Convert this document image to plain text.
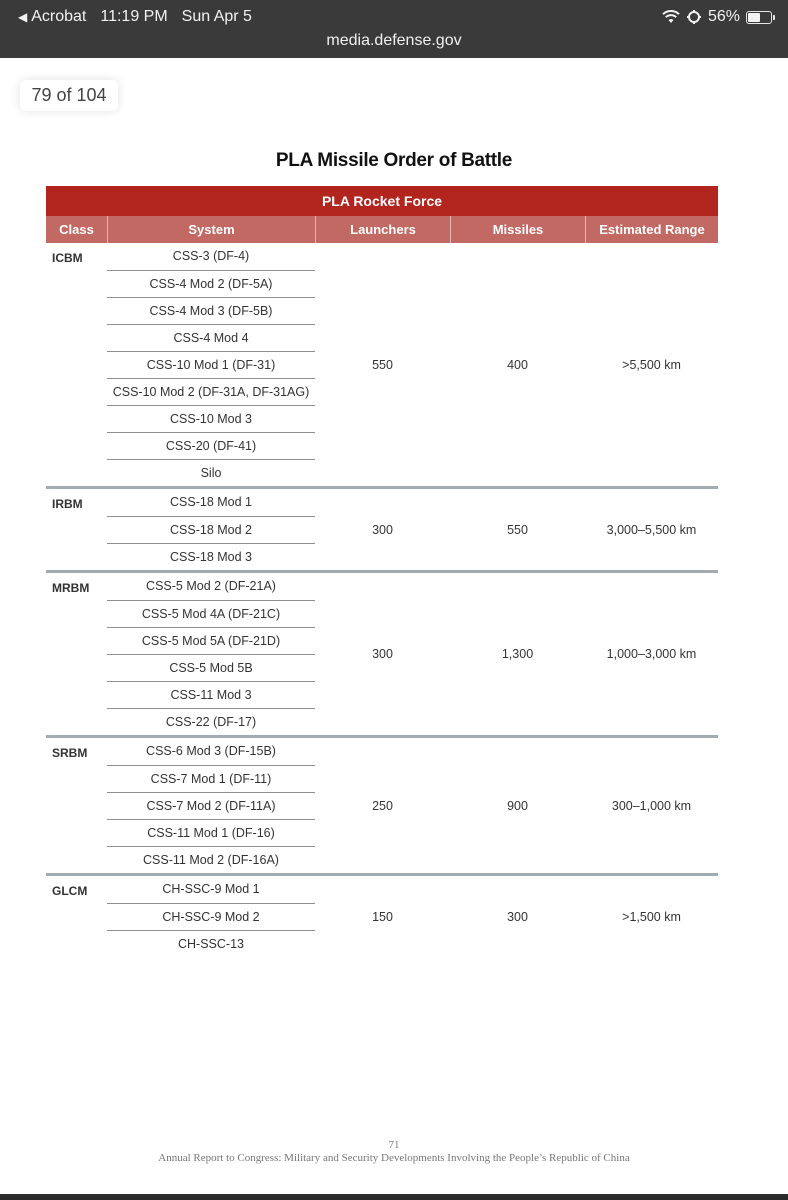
◀ Acrobat 11:19 PM Sun Apr 5	56%
media.defense.gov
79 of 104
PLA Missile Order of Battle
PLA Rocket Force
Class	System	Launchers	Missiles	Estimated Range
ICBM	CSS-3 (DF-4)
CSS-4 Mod 2 (DF-5A)
CSS-4 Mod 3 (DF-5B)
CSS-4 Mod 4
CSS-10 Mod 1 (DF-31)
CSS-10 Mod 2 (DF-31A, DF-31AG)
CSS-10 Mod 3
CSS-20 (DF-41)
Silo
550	400	>5,500 km
IRBM	CSS-18 Mod 1
CSS-18 Mod 2
CSS-18 Mod 3
300	550	3,000–5,500 km
MRBM	CSS-5 Mod 2 (DF-21A)
CSS-5 Mod 4A (DF-21C)
CSS-5 Mod 5A (DF-21D)
CSS-5 Mod 5B
CSS-11 Mod 3
CSS-22 (DF-17)
300	1,300	1,000–3,000 km
SRBM	CSS-6 Mod 3 (DF-15B)
CSS-7 Mod 1 (DF-11)
CSS-7 Mod 2 (DF-11A)
CSS-11 Mod 1 (DF-16)
CSS-11 Mod 2 (DF-16A)
250	900	300–1,000 km
GLCM	CH-SSC-9 Mod 1
CH-SSC-9 Mod 2
CH-SSC-13
150	300	>1,500 km
71
Annual Report to Congress: Military and Security Developments Involving the People’s Republic of China
